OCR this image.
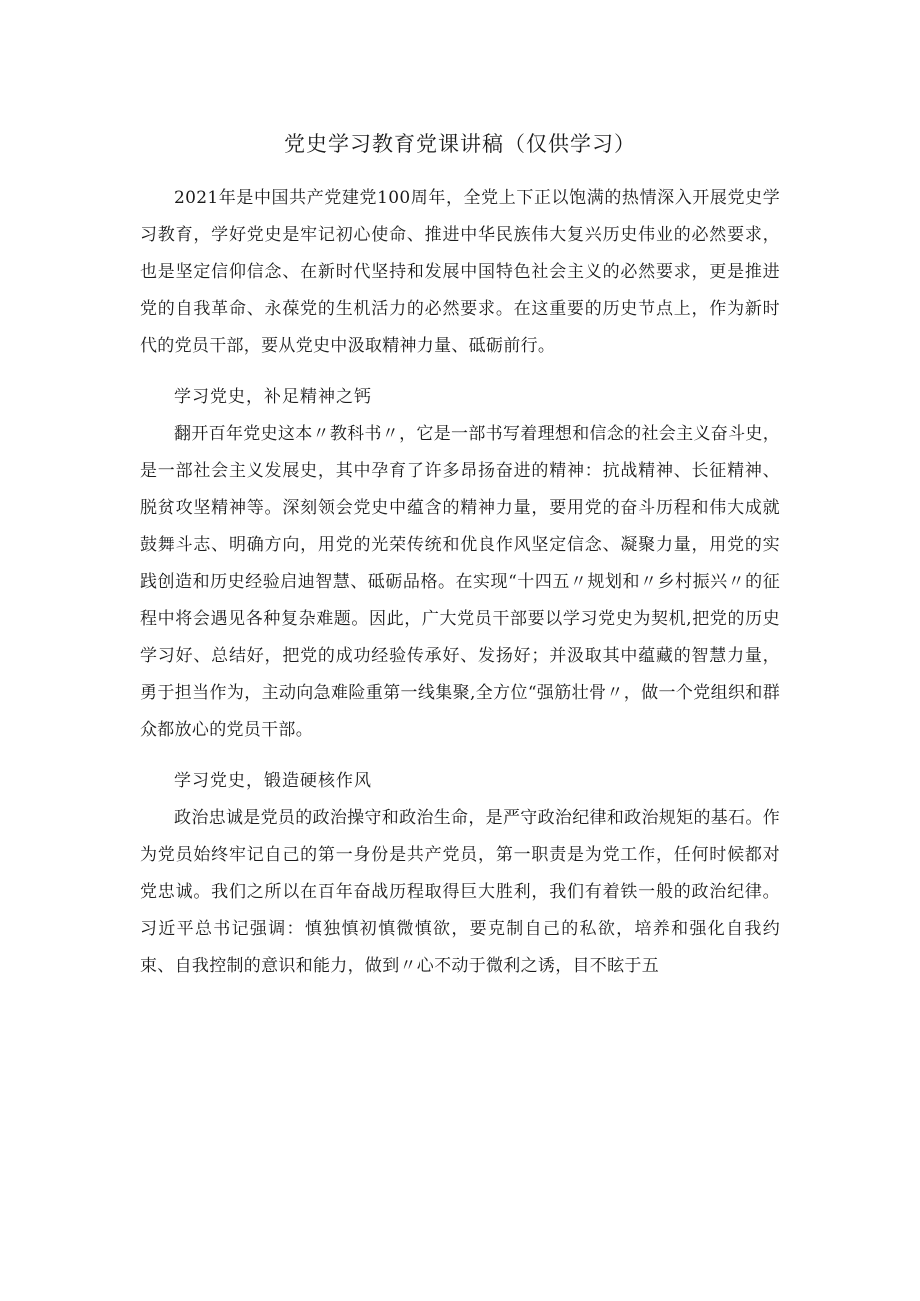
党史学习教育党课讲稿（仅供学习）

2021年是中国共产党建党100周年，全党上下正以饱满的热情深入开展党史学习教育，学好党史是牢记初心使命、推进中华民族伟大复兴历史伟业的必然要求，也是坚定信仰信念、在新时代坚持和发展中国特色社会主义的必然要求，更是推进党的自我革命、永葆党的生机活力的必然要求。在这重要的历史节点上，作为新时代的党员干部，要从党史中汲取精神力量、砥砺前行。

学习党史，补足精神之钙

翻开百年党史这本〃教科书〃，它是一部书写着理想和信念的社会主义奋斗史，是一部社会主义发展史，其中孕育了许多昂扬奋进的精神：抗战精神、长征精神、脱贫攻坚精神等。深刻领会党史中蕴含的精神力量，要用党的奋斗历程和伟大成就鼓舞斗志、明确方向，用党的光荣传统和优良作风坚定信念、凝聚力量，用党的实践创造和历史经验启迪智慧、砥砺品格。在实现“十四五〃规划和〃乡村振兴〃的征程中将会遇见各种复杂难题。因此，广大党员干部要以学习党史为契机,把党的历史学习好、总结好，把党的成功经验传承好、发扬好；并汲取其中蕴藏的智慧力量，勇于担当作为，主动向急难险重第一线集聚,全方位“强筋壮骨〃，做一个党组织和群众都放心的党员干部。

学习党史，锻造硬核作风

政治忠诚是党员的政治操守和政治生命，是严守政治纪律和政治规矩的基石。作为党员始终牢记自己的第一身份是共产党员，第一职责是为党工作，任何时候都对党忠诚。我们之所以在百年奋战历程取得巨大胜利，我们有着铁一般的政治纪律。习近平总书记强调：慎独慎初慎微慎欲，要克制自己的私欲，培养和强化自我约束、自我控制的意识和能力，做到〃心不动于微利之诱，目不眩于五
